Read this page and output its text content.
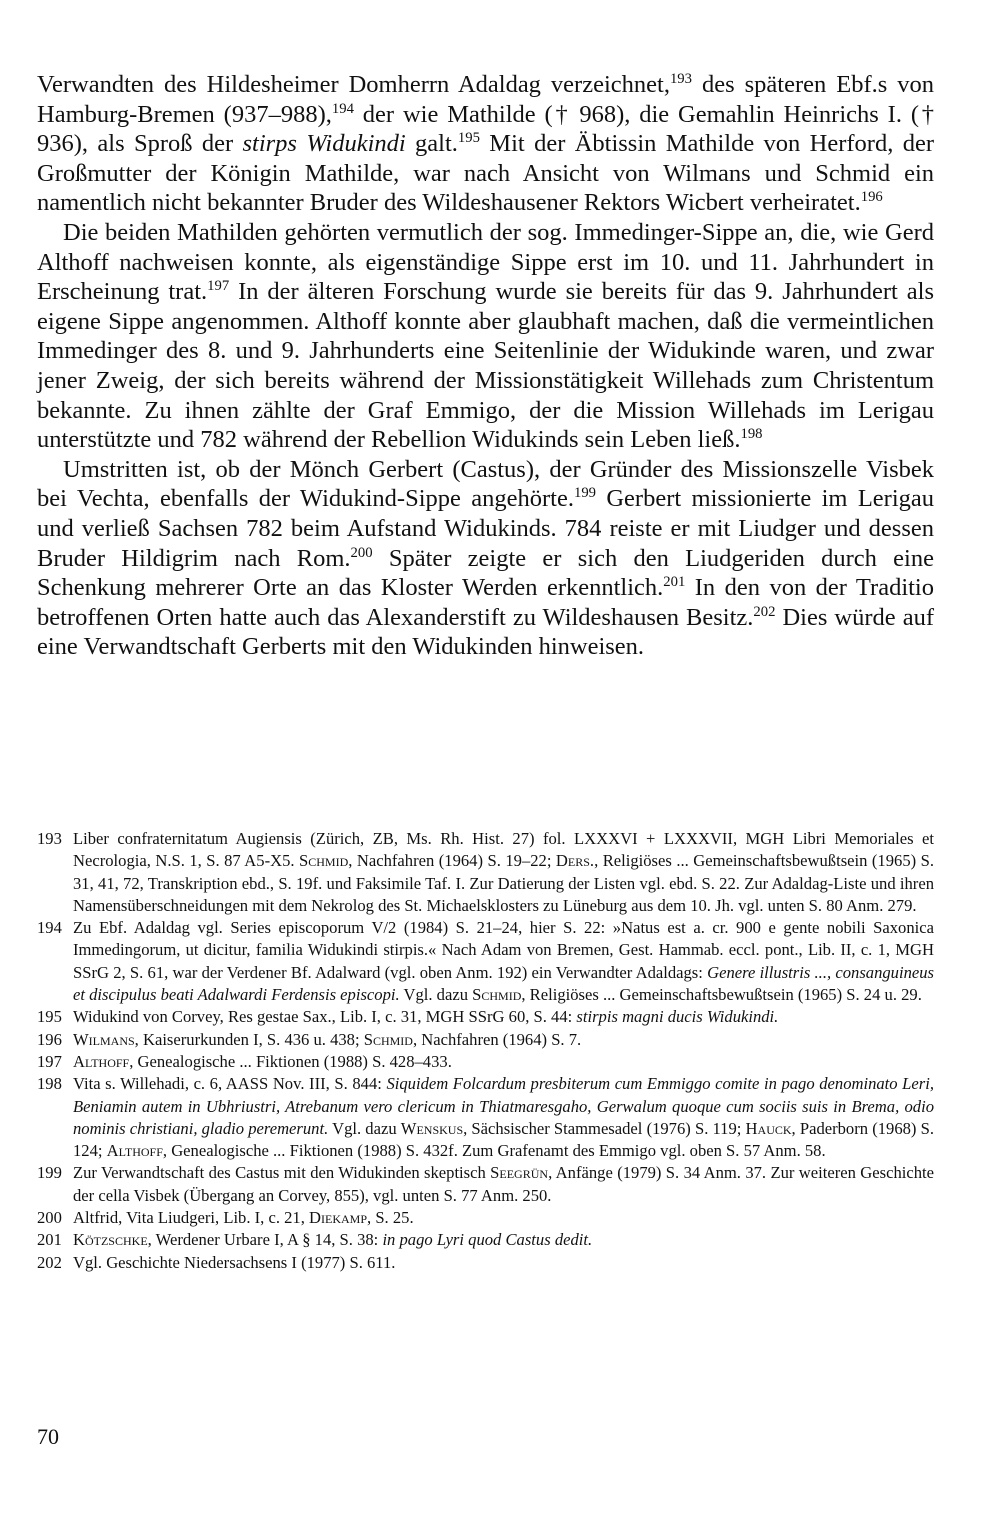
Verwandten des Hildesheimer Domherrn Adaldag verzeichnet,$^{193}$ des späteren Ebf.s von Hamburg-Bremen (937–988),$^{194}$ der wie Mathilde († 968), die Gemahlin Heinrichs I. († 936), als Sproß der stirps Widukindi galt.$^{195}$ Mit der Äbtissin Mathilde von Herford, der Großmutter der Königin Mathilde, war nach Ansicht von Wilmans und Schmid ein namentlich nicht bekannter Bruder des Wildeshausener Rektors Wicbert verheiratet.$^{196}$

Die beiden Mathilden gehörten vermutlich der sog. Immedinger-Sippe an, die, wie Gerd Althoff nachweisen konnte, als eigenständige Sippe erst im 10. und 11. Jahrhundert in Erscheinung trat.$^{197}$ In der älteren Forschung wurde sie bereits für das 9. Jahrhundert als eigene Sippe angenommen. Althoff konnte aber glaubhaft machen, daß die vermeintlichen Immedinger des 8. und 9. Jahrhunderts eine Seitenlinie der Widukinde waren, und zwar jener Zweig, der sich bereits während der Missionstätigkeit Willehads zum Christentum bekannte. Zu ihnen zählte der Graf Emmigo, der die Mission Willehads im Lerigau unterstützte und 782 während der Rebellion Widukinds sein Leben ließ.$^{198}$

Umstritten ist, ob der Mönch Gerbert (Castus), der Gründer des Missionszelle Visbek bei Vechta, ebenfalls der Widukind-Sippe angehörte.$^{199}$ Gerbert missionierte im Lerigau und verließ Sachsen 782 beim Aufstand Widukinds. 784 reiste er mit Liudger und dessen Bruder Hildigrim nach Rom.$^{200}$ Später zeigte er sich den Liudgeriden durch eine Schenkung mehrerer Orte an das Kloster Werden erkenntlich.$^{201}$ In den von der Traditio betroffenen Orten hatte auch das Alexanderstift zu Wildeshausen Besitz.$^{202}$ Dies würde auf eine Verwandtschaft Gerberts mit den Widukinden hinweisen.

193 Liber confraternitatum Augiensis (Zürich, ZB, Ms. Rh. Hist. 27) fol. LXXXVI + LXXXVII, MGH Libri Memoriales et Necrologia, N.S. 1, S. 87 A5-X5. Schmid, Nachfahren (1964) S. 19–22; Ders., Religiöses ... Gemeinschaftsbewußtsein (1965) S. 31, 41, 72, Transkription ebd., S. 19f. und Faksimile Taf. I. Zur Datierung der Listen vgl. ebd. S. 22. Zur Adaldag-Liste und ihren Namensüberschneidungen mit dem Nekrolog des St. Michaelsklosters zu Lüneburg aus dem 10. Jh. vgl. unten S. 80 Anm. 279.
194 Zu Ebf. Adaldag vgl. Series episcoporum V/2 (1984) S. 21–24, hier S. 22: »Natus est a. cr. 900 e gente nobili Saxonica Immedingorum, ut dicitur, familia Widukindi stirpis.« Nach Adam von Bremen, Gest. Hammab. eccl. pont., Lib. II, c. 1, MGH SSrG 2, S. 61, war der Verdener Bf. Adalward (vgl. oben Anm. 192) ein Verwandter Adaldags: Genere illustris ..., consanguineus et discipulus beati Adalwardi Ferdensis episcopi. Vgl. dazu Schmid, Religiöses ... Gemeinschaftsbewußtsein (1965) S. 24 u. 29.
195 Widukind von Corvey, Res gestae Sax., Lib. I, c. 31, MGH SSrG 60, S. 44: stirpis magni ducis Widukindi.
196 Wilmans, Kaiserurkunden I, S. 436 u. 438; Schmid, Nachfahren (1964) S. 7.
197 Althoff, Genealogische ... Fiktionen (1988) S. 428–433.
198 Vita s. Willehadi, c. 6, AASS Nov. III, S. 844: Siquidem Folcardum presbiterum cum Emmiggo comite in pago denominato Leri, Beniamin autem in Ubhriustri, Atrebanum vero clericum in Thiatmaresgaho, Gerwalum quoque cum sociis suis in Brema, odio nominis christiani, gladio peremerunt. Vgl. dazu Wenskus, Sächsischer Stammesadel (1976) S. 119; Hauck, Paderborn (1968) S. 124; Althoff, Genealogische ... Fiktionen (1988) S. 432f. Zum Grafenamt des Emmigo vgl. oben S. 57 Anm. 58.
199 Zur Verwandtschaft des Castus mit den Widukinden skeptisch Seegrün, Anfänge (1979) S. 34 Anm. 37. Zur weiteren Geschichte der cella Visbek (Übergang an Corvey, 855), vgl. unten S. 77 Anm. 250.
200 Altfrid, Vita Liudgeri, Lib. I, c. 21, Diekamp, S. 25.
201 Kötzschke, Werdener Urbare I, A § 14, S. 38: in pago Lyri quod Castus dedit.
202 Vgl. Geschichte Niedersachsens I (1977) S. 611.
70
